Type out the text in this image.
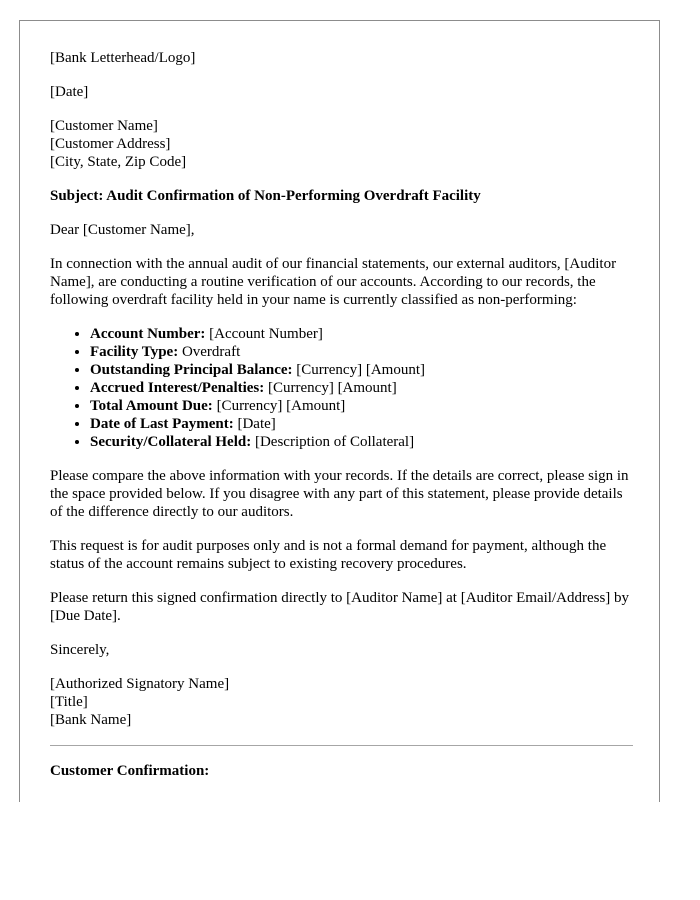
[Bank Letterhead/Logo]

[Date]

[Customer Name]
[Customer Address]
[City, State, Zip Code]

Subject: Audit Confirmation of Non-Performing Overdraft Facility

Dear [Customer Name],

In connection with the annual audit of our financial statements, our external auditors, [Auditor Name], are conducting a routine verification of our accounts. According to our records, the following overdraft facility held in your name is currently classified as non-performing:

• Account Number: [Account Number]
• Facility Type: Overdraft
• Outstanding Principal Balance: [Currency] [Amount]
• Accrued Interest/Penalties: [Currency] [Amount]
• Total Amount Due: [Currency] [Amount]
• Date of Last Payment: [Date]
• Security/Collateral Held: [Description of Collateral]

Please compare the above information with your records. If the details are correct, please sign in the space provided below. If you disagree with any part of this statement, please provide details of the difference directly to our auditors.

This request is for audit purposes only and is not a formal demand for payment, although the status of the account remains subject to existing recovery procedures.

Please return this signed confirmation directly to [Auditor Name] at [Auditor Email/Address] by [Due Date].

Sincerely,

[Authorized Signatory Name]
[Title]
[Bank Name]

Customer Confirmation:
